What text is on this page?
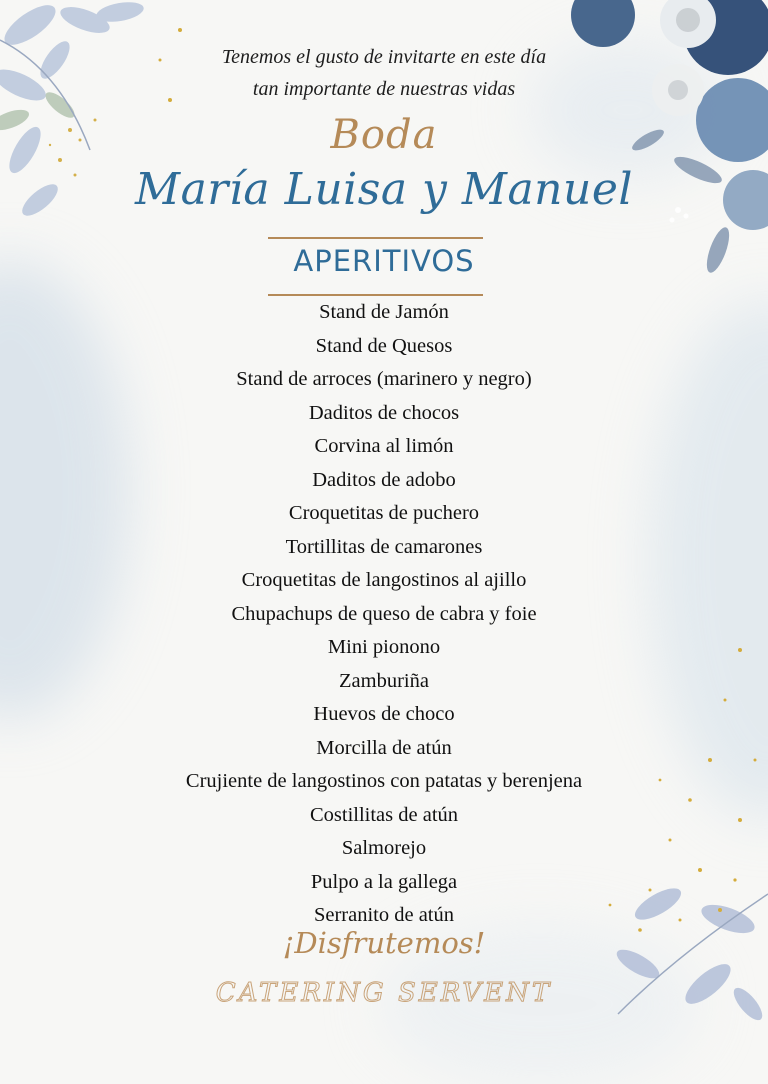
Tenemos el gusto de invitarte en este día
tan importante de nuestras vidas
Boda
María Luisa y Manuel
APERITIVOS
Stand de Jamón
Stand de Quesos
Stand de arroces (marinero y negro)
Daditos de chocos
Corvina al limón
Daditos de adobo
Croquetitas de puchero
Tortillitas de camarones
Croquetitas de langostinos al ajillo
Chupachups de queso de cabra y foie
Mini pionono
Zamburiña
Huevos de choco
Morcilla de atún
Crujiente de langostinos con patatas y berenjena
Costillitas de atún
Salmorejo
Pulpo a la gallega
Serranito de atún
¡Disfrutemos!
CATERING SERVENT
